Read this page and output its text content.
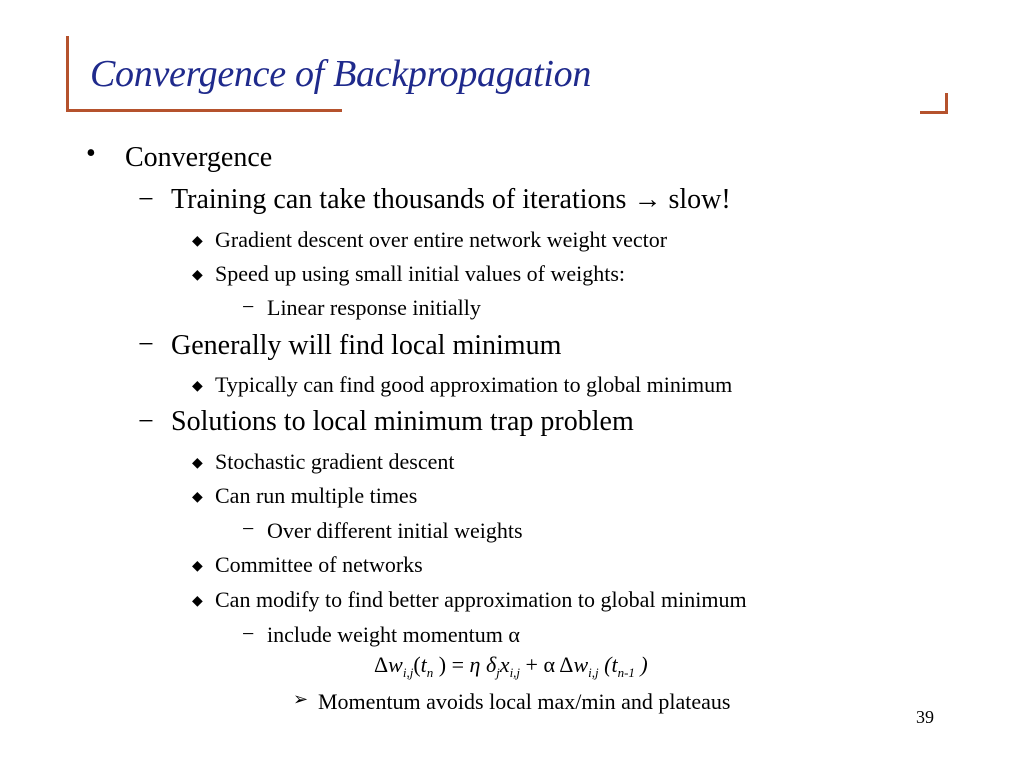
Convergence of Backpropagation
• Convergence
− Training can take thousands of iterations → slow!
◆ Gradient descent over entire network weight vector
◆ Speed up using small initial values of weights:
− Linear response initially
− Generally will find local minimum
◆ Typically can find good approximation to global minimum
− Solutions to local minimum trap problem
◆ Stochastic gradient descent
◆ Can run multiple times
− Over different initial weights
◆ Committee of networks
◆ Can modify to find better approximation to global minimum
− include weight momentum α
$\Delta w_{i,j}(t_n$ ) = η $\delta_jx_{i,j} + \alpha$ $\Delta w_{i,j}$ ($t_{n-1}$ )
➢ Momentum avoids local max/min and plateaus
39
